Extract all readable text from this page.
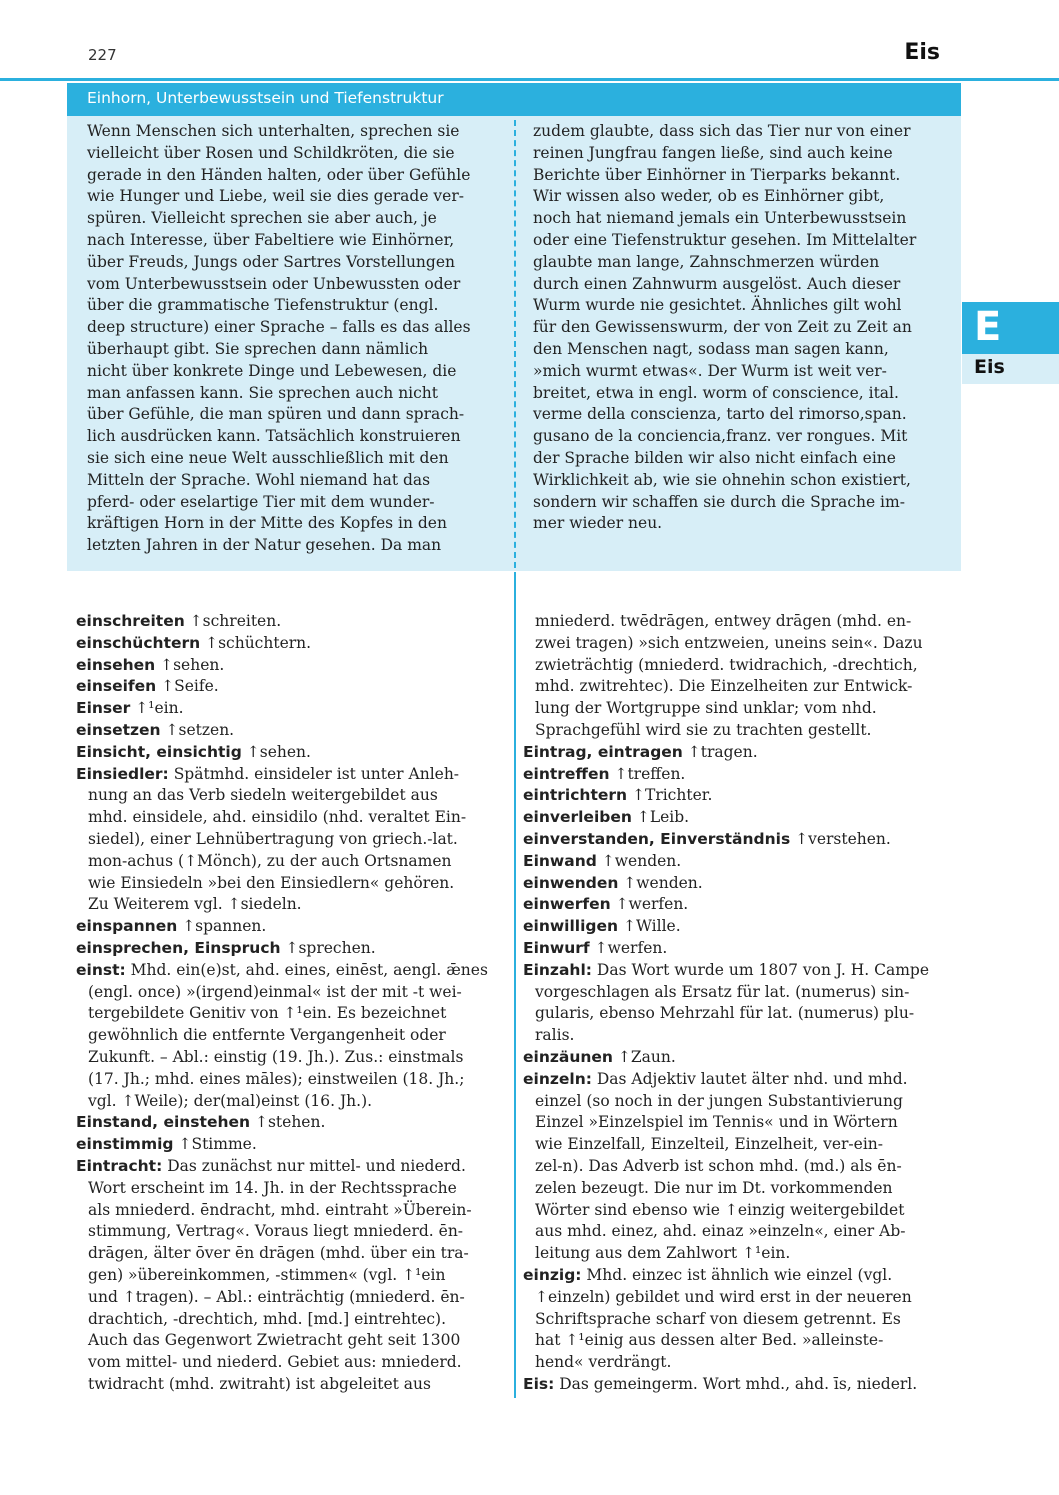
227	Eis
Einhorn, Unterbewusstsein und Tiefenstruktur
Wenn Menschen sich unterhalten, sprechen sie
vielleicht über Rosen und Schildkröten, die sie
gerade in den Händen halten, oder über Gefühle
wie Hunger und Liebe, weil sie dies gerade ver-
spüren. Vielleicht sprechen sie aber auch, je
nach Interesse, über Fabeltiere wie Einhörner,
über Freuds, Jungs oder Sartres Vorstellungen
vom Unterbewusstsein oder Unbewussten oder
über die grammatische Tiefenstruktur (engl.
deep structure) einer Sprache – falls es das alles
überhaupt gibt. Sie sprechen dann nämlich
nicht über konkrete Dinge und Lebewesen, die
man anfassen kann. Sie sprechen auch nicht
über Gefühle, die man spüren und dann sprach-
lich ausdrücken kann. Tatsächlich konstruieren
sie sich eine neue Welt ausschließlich mit den
Mitteln der Sprache. Wohl niemand hat das
pferd- oder eselartige Tier mit dem wunder-
kräftigen Horn in der Mitte des Kopfes in den
letzten Jahren in der Natur gesehen. Da man
zudem glaubte, dass sich das Tier nur von einer
reinen Jungfrau fangen ließe, sind auch keine
Berichte über Einhörner in Tierparks bekannt.
Wir wissen also weder, ob es Einhörner gibt,
noch hat niemand jemals ein Unterbewusstsein
oder eine Tiefenstruktur gesehen. Im Mittelalter
glaubte man lange, Zahnschmerzen würden
durch einen Zahnwurm ausgelöst. Auch dieser
Wurm wurde nie gesichtet. Ähnliches gilt wohl
für den Gewissenswurm, der von Zeit zu Zeit an
den Menschen nagt, sodass man sagen kann,
»mich wurmt etwas«. Der Wurm ist weit ver-
breitet, etwa in engl. worm of conscience, ital.
verme della conscienza, tarto del rimorso,span.
gusano de la conciencia,franz. ver rongues. Mit
der Sprache bilden wir also nicht einfach eine
Wirklichkeit ab, wie sie ohnehin schon existiert,
sondern wir schaffen sie durch die Sprache im-
mer wieder neu.
E
Eis
einschreiten ↑schreiten.
einschüchtern ↑schüchtern.
einsehen ↑sehen.
einseifen ↑Seife.
Einser ↑¹ein.
einsetzen ↑setzen.
Einsicht, einsichtig ↑sehen.
Einsiedler: Spätmhd. einsideler ist unter Anleh-
nung an das Verb siedeln weitergebildet aus
mhd. einsidele, ahd. einsidilo (nhd. veraltet Ein-
siedel), einer Lehnübertragung von griech.-lat.
mon-achus (↑Mönch), zu der auch Ortsnamen
wie Einsiedeln »bei den Einsiedlern« gehören.
Zu Weiterem vgl. ↑siedeln.
einspannen ↑spannen.
einsprechen, Einspruch ↑sprechen.
einst: Mhd. ein(e)st, ahd. eines, einēst, aengl. ǣnes
(engl. once) »(irgend)einmal« ist der mit -t wei-
tergebildete Genitiv von ↑¹ein. Es bezeichnet
gewöhnlich die entfernte Vergangenheit oder
Zukunft. – Abl.: einstig (19. Jh.). Zus.: einstmals
(17. Jh.; mhd. eines māles); einstweilen (18. Jh.;
vgl. ↑Weile); der(mal)einst (16. Jh.).
Einstand, einstehen ↑stehen.
einstimmig ↑Stimme.
Eintracht: Das zunächst nur mittel- und niederd.
Wort erscheint im 14. Jh. in der Rechtssprache
als mniederd. ēndracht, mhd. eintraht »Überein-
stimmung, Vertrag«. Voraus liegt mniederd. ēn-
drāgen, älter ōver ēn drāgen (mhd. über ein tra-
gen) »übereinkommen, -stimmen« (vgl. ↑¹ein
und ↑tragen). – Abl.: einträchtig (mniederd. ēn-
drachtich, -drechtich, mhd. [md.] eintrehtec).
Auch das Gegenwort Zwietracht geht seit 1300
vom mittel- und niederd. Gebiet aus: mniederd.
twidracht (mhd. zwitraht) ist abgeleitet aus
mniederd. twēdrāgen, entwey drāgen (mhd. en-
zwei tragen) »sich entzweien, uneins sein«. Dazu
zwieträchtig (mniederd. twidrachich, -drechtich,
mhd. zwitrehtec). Die Einzelheiten zur Entwick-
lung der Wortgruppe sind unklar; vom nhd.
Sprachgefühl wird sie zu trachten gestellt.
Eintrag, eintragen ↑tragen.
eintreffen ↑treffen.
eintrichtern ↑Trichter.
einverleiben ↑Leib.
einverstanden, Einverständnis ↑verstehen.
Einwand ↑wenden.
einwenden ↑wenden.
einwerfen ↑werfen.
einwilligen ↑Wille.
Einwurf ↑werfen.
Einzahl: Das Wort wurde um 1807 von J. H. Campe
vorgeschlagen als Ersatz für lat. (numerus) sin-
gularis, ebenso Mehrzahl für lat. (numerus) plu-
ralis.
einzäunen ↑Zaun.
einzeln: Das Adjektiv lautet älter nhd. und mhd.
einzel (so noch in der jungen Substantivierung
Einzel »Einzelspiel im Tennis« und in Wörtern
wie Einzelfall, Einzelteil, Einzelheit, ver-ein-
zel-n). Das Adverb ist schon mhd. (md.) als ēn-
zelen bezeugt. Die nur im Dt. vorkommenden
Wörter sind ebenso wie ↑einzig weitergebildet
aus mhd. einez, ahd. einaz »einzeln«, einer Ab-
leitung aus dem Zahlwort ↑¹ein.
einzig: Mhd. einzec ist ähnlich wie einzel (vgl.
↑einzeln) gebildet und wird erst in der neueren
Schriftsprache scharf von diesem getrennt. Es
hat ↑¹einig aus dessen alter Bed. »alleinste-
hend« verdrängt.
Eis: Das gemeingerm. Wort mhd., ahd. īs, niederl.
